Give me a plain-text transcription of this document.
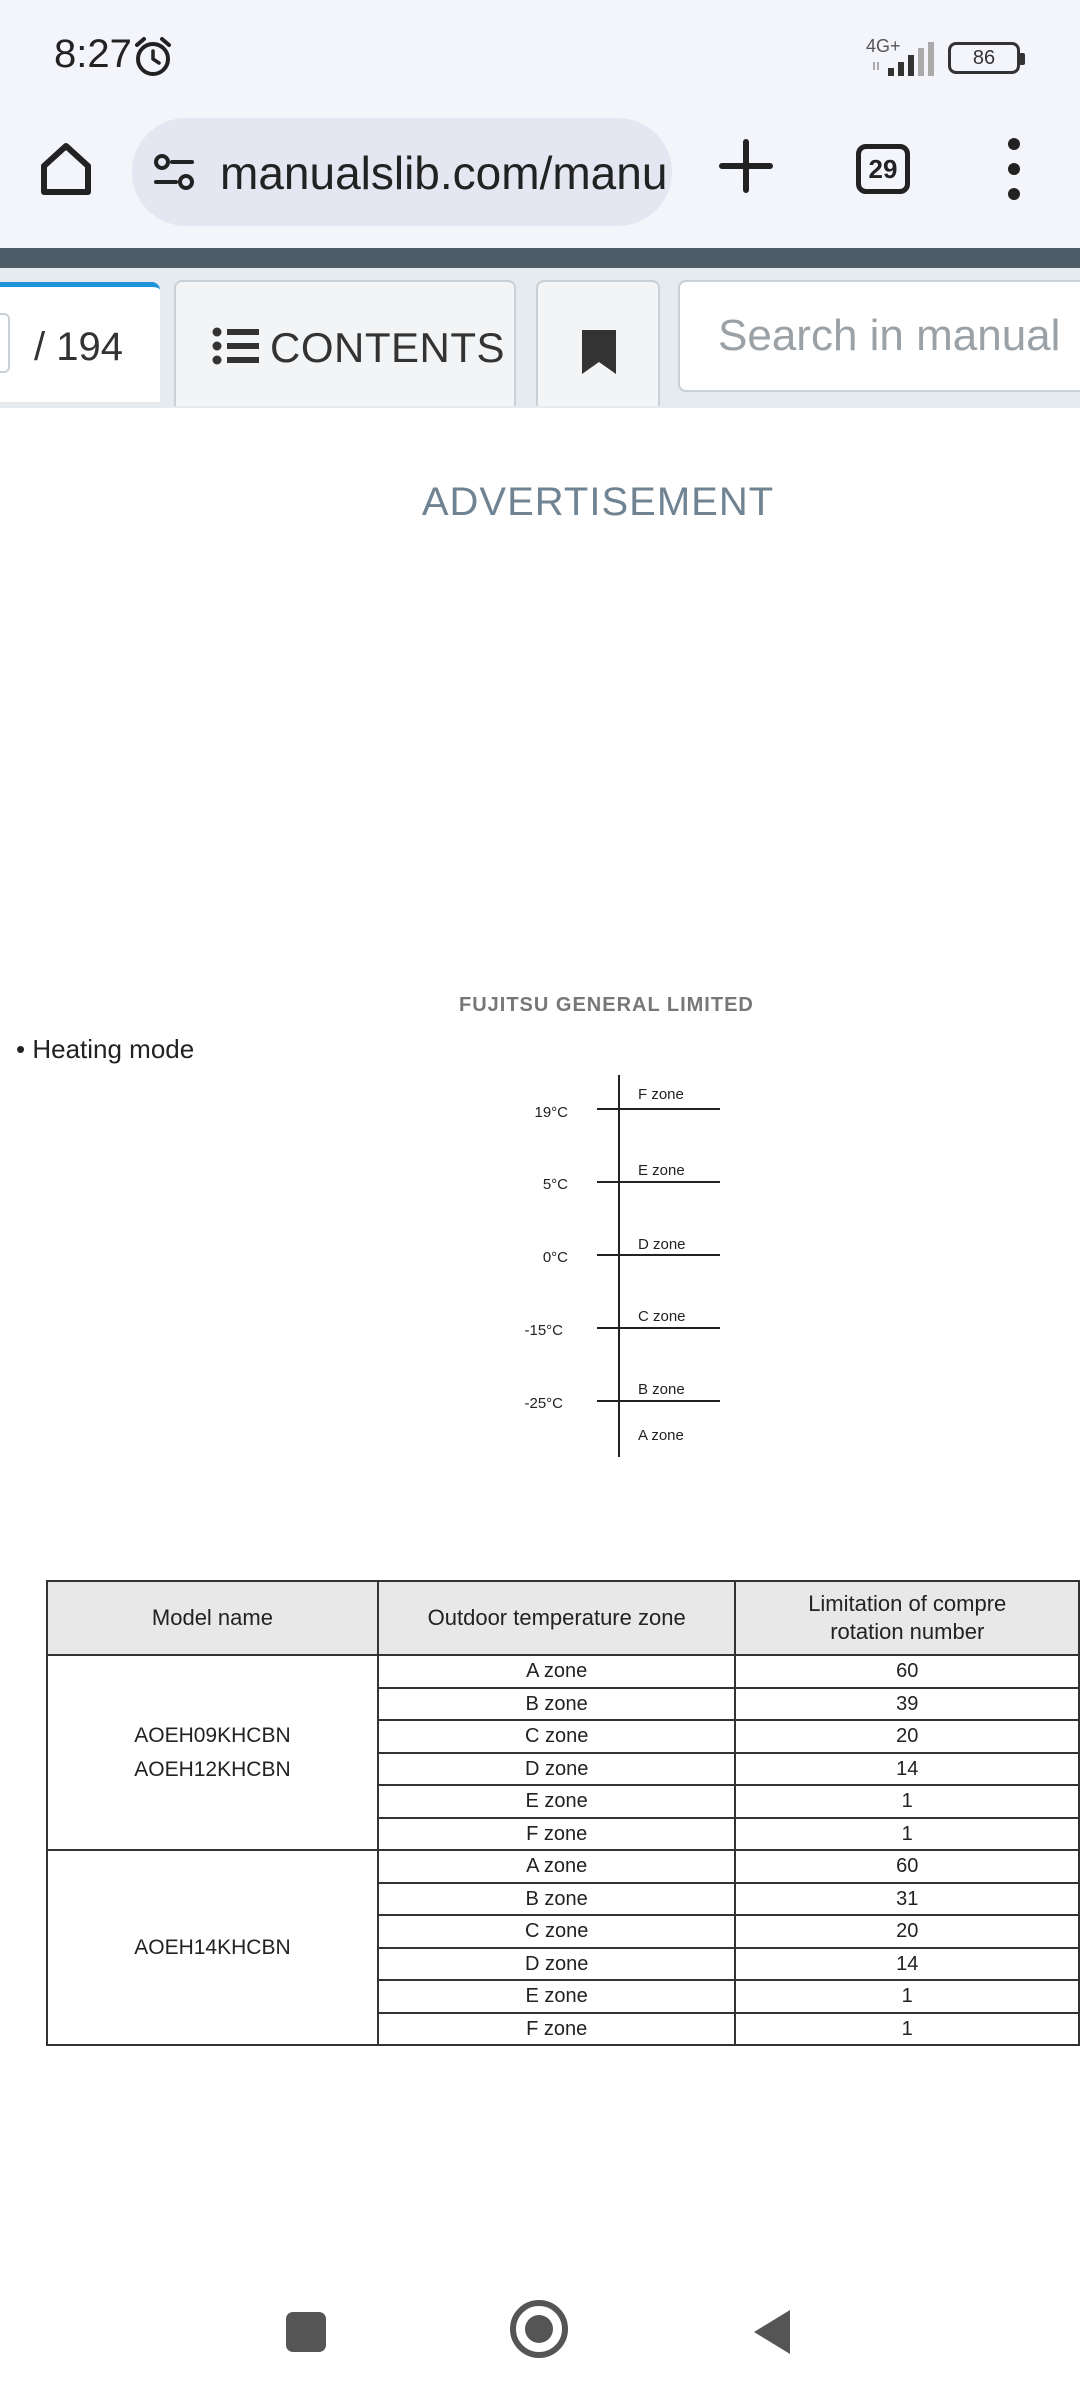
8:27	4G+
86
manualslib.com/manu	29
/ 194	CONTENTS
Search in manual
ADVERTISEMENT
FUJITSU GENERAL LIMITED
• Heating mode
19°C
5°C
0°C
-15°C
-25°C
F zone
E zone
D zone
C zone
B zone
A zone
Model name	Outdoor temperature zone	Limitation of compre
rotation number

AOEH09KHCBN
AOEH12KHCBN	A zone	60
	B zone	39
	C zone	20
	D zone	14
	E zone	1
	F zone	1

AOEH14KHCBN	A zone	60
	B zone	31
	C zone	20
	D zone	14
	E zone	1
	F zone	1
